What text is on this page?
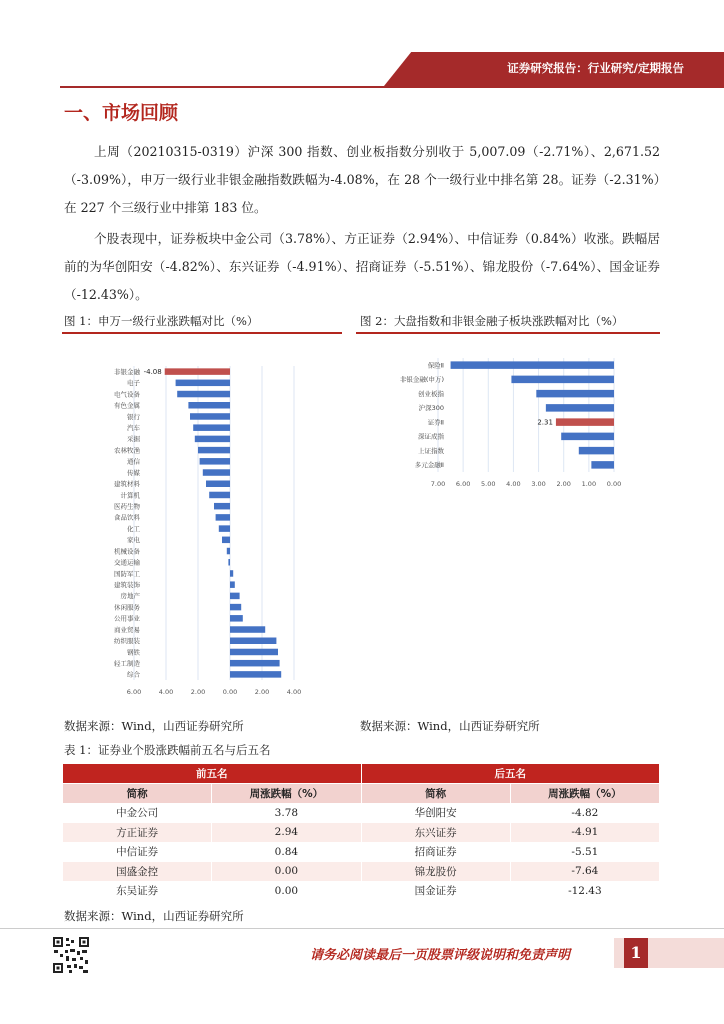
证券研究报告：行业研究/定期报告
一、市场回顾

上周（20210315-0319）沪深 300 指数、创业板指数分别收于 5,007.09（-2.71%）、2,671.52（-3.09%），申万一级行业非银金融指数跌幅为-4.08%，在 28 个一级行业中排名第 28。证券（-2.31%）在 227 个三级行业中排第 183 位。

个股表现中，证券板块中金公司（3.78%）、方正证券（2.94%）、中信证券（0.84%）收涨。跌幅居前的为华创阳安（-4.82%）、东兴证券（-4.91%）、招商证券（-5.51%）、锦龙股份（-7.64%）、国金证券（-12.43%）。

图 1：申万一级行业涨跌幅对比（%）	图 2：大盘指数和非银金融子板块涨跌幅对比（%）
6.00	4.00	2.00	0.00	2.00	4.00
非银金融
电子
电气设备
有色金属
银行
汽车
采掘
农林牧渔
通信
传媒
建筑材料
计算机
医药生物
食品饮料
化工
家电
机械设备
交通运输
国防军工
建筑装饰
房地产
休闲服务
公用事业
商业贸易
纺织服装
钢铁
轻工制造
综合
-4.08
7.00 6.00 5.00 4.00 3.00 2.00 1.00 0.00
保险Ⅱ
非银金融(申万)
创业板指
沪深300
证券Ⅱ
深证成指
上证指数
多元金融Ⅱ
2.31
数据来源：Wind，山西证券研究所	数据来源：Wind，山西证券研究所
表 1：证券业个股涨跌幅前五名与后五名
前五名		后五名	
简称	周涨跌幅（%）	简称	周涨跌幅（%）
中金公司	3.78	华创阳安	-4.82
方正证券	2.94	东兴证券	-4.91
中信证券	0.84	招商证券	-5.51
国盛金控	0.00	锦龙股份	-7.64
东吴证券	0.00	国金证券	-12.43
数据来源：Wind，山西证券研究所
请务必阅读最后一页股票评级说明和免责声明	1
